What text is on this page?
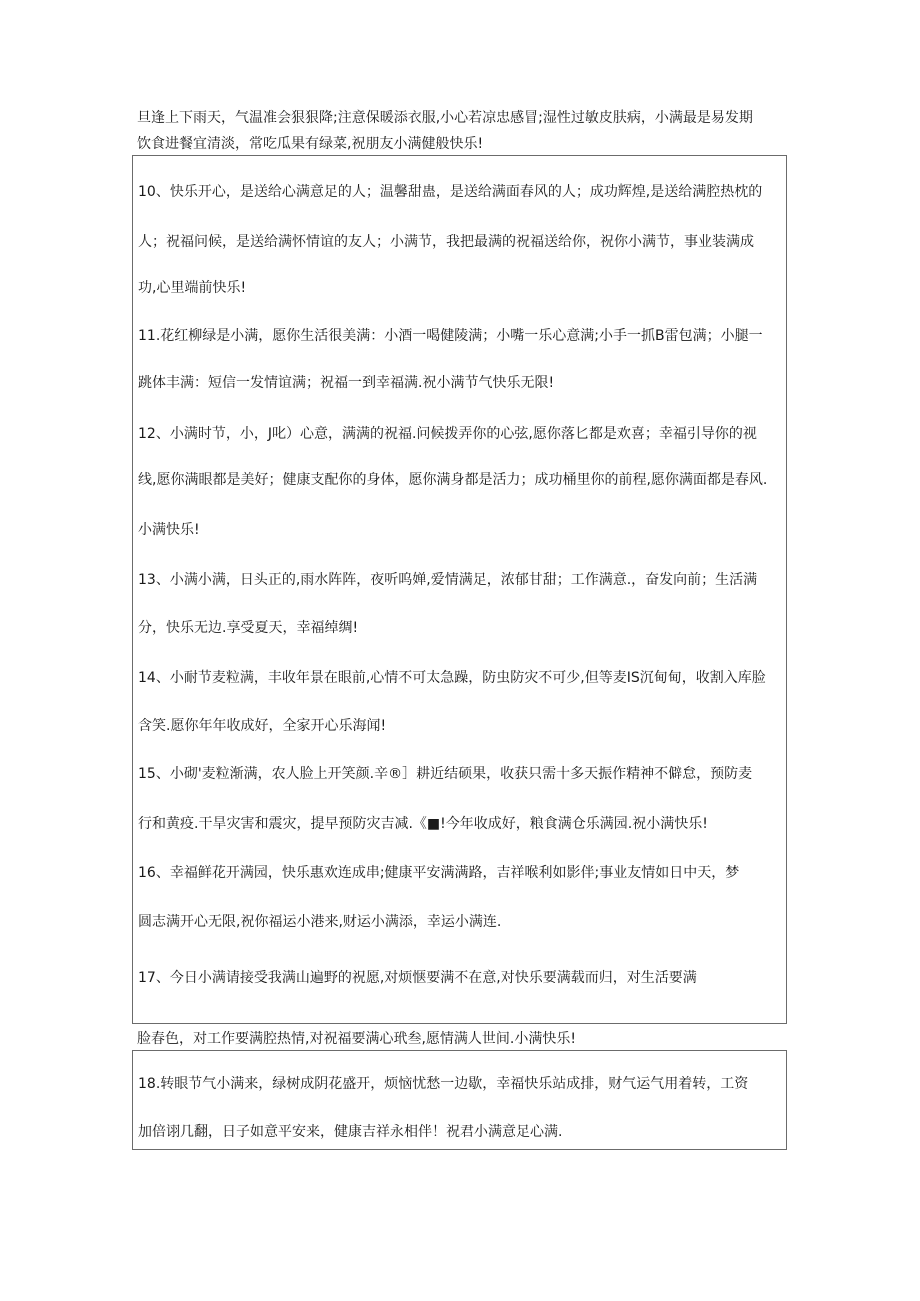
旦逢上下雨天，气温准会狠狠降;注意保暖添衣服,小心若凉忠感冒;湿性过敏皮肤病，小满最是易发期
饮食进餐宜清淡，常吃瓜果有绿菜,祝朋友小满健般快乐!
10、快乐开心，是送给心满意足的人；温馨甜蛊，是送给满面春风的人；成功辉煌,是送给满腔热枕的
人；祝福问候，是送给满怀情谊的友人；小满节，我把最满的祝福送给你，祝你小满节，事业装满成
功,心里端前快乐!
11.花红柳绿是小满，愿你生活很美满：小酒一喝健陵满；小嘴一乐心意满;小手一抓B雷包满；小腿一
跳体丰满：短信一发情谊满；祝福一到幸福满.祝小满节气快乐无限!
12、小满时节，小，J叱）心意，满满的祝福.问候拨弄你的心弦,愿你落匕都是欢喜；幸福引导你的视
线,愿你满眼都是美好；健康支配你的身体，愿你满身都是活力；成功桶里你的前程,愿你满面都是春风.
小满快乐!
13、小满小满，日头正的,雨水阵阵，夜听呜婵,爱情满足，浓郁甘甜；工作满意.，奋发向前；生活满
分，快乐无边.享受夏天，幸福绰绸!
14、小耐节麦粒满，丰收年景在眼前,心情不可太急躁，防虫防灾不可少,但等麦IS沉甸甸，收割入库脸
含笑.愿你年年收成好，全家开心乐海闻!
15、小砌'麦粒渐满，农人脸上开笑颜.辛®］耕近结硕果，收获只需十多天振作精神不僻怠，预防麦
行和黄疫.干旱灾害和震灾，提早预防灾吉减.《■!今年收成好，粮食满仓乐满园.祝小满快乐!
16、幸福鲜花开满园，快乐惠欢连成串;健康平安满满路，吉祥喉利如影伴;事业友情如日中天，梦
圆志满开心无限,祝你福运小港来,财运小满添，幸运小满连.
17、今日小满请接受我满山遍野的祝愿,对烦惬要满不在意,对快乐要满载而归，对生活要满
脸春色，对工作要满腔热情,对祝福要满心玳叁,愿情满人世间.小满快乐!
18.转眼节气小满来，绿树成阴花盛开，烦恼忧愁一边歇，幸福快乐站成排，财气运气用着转，工资
加倍诩几翻，日子如意平安来，健康吉祥永相伴！祝君小满意足心满.
